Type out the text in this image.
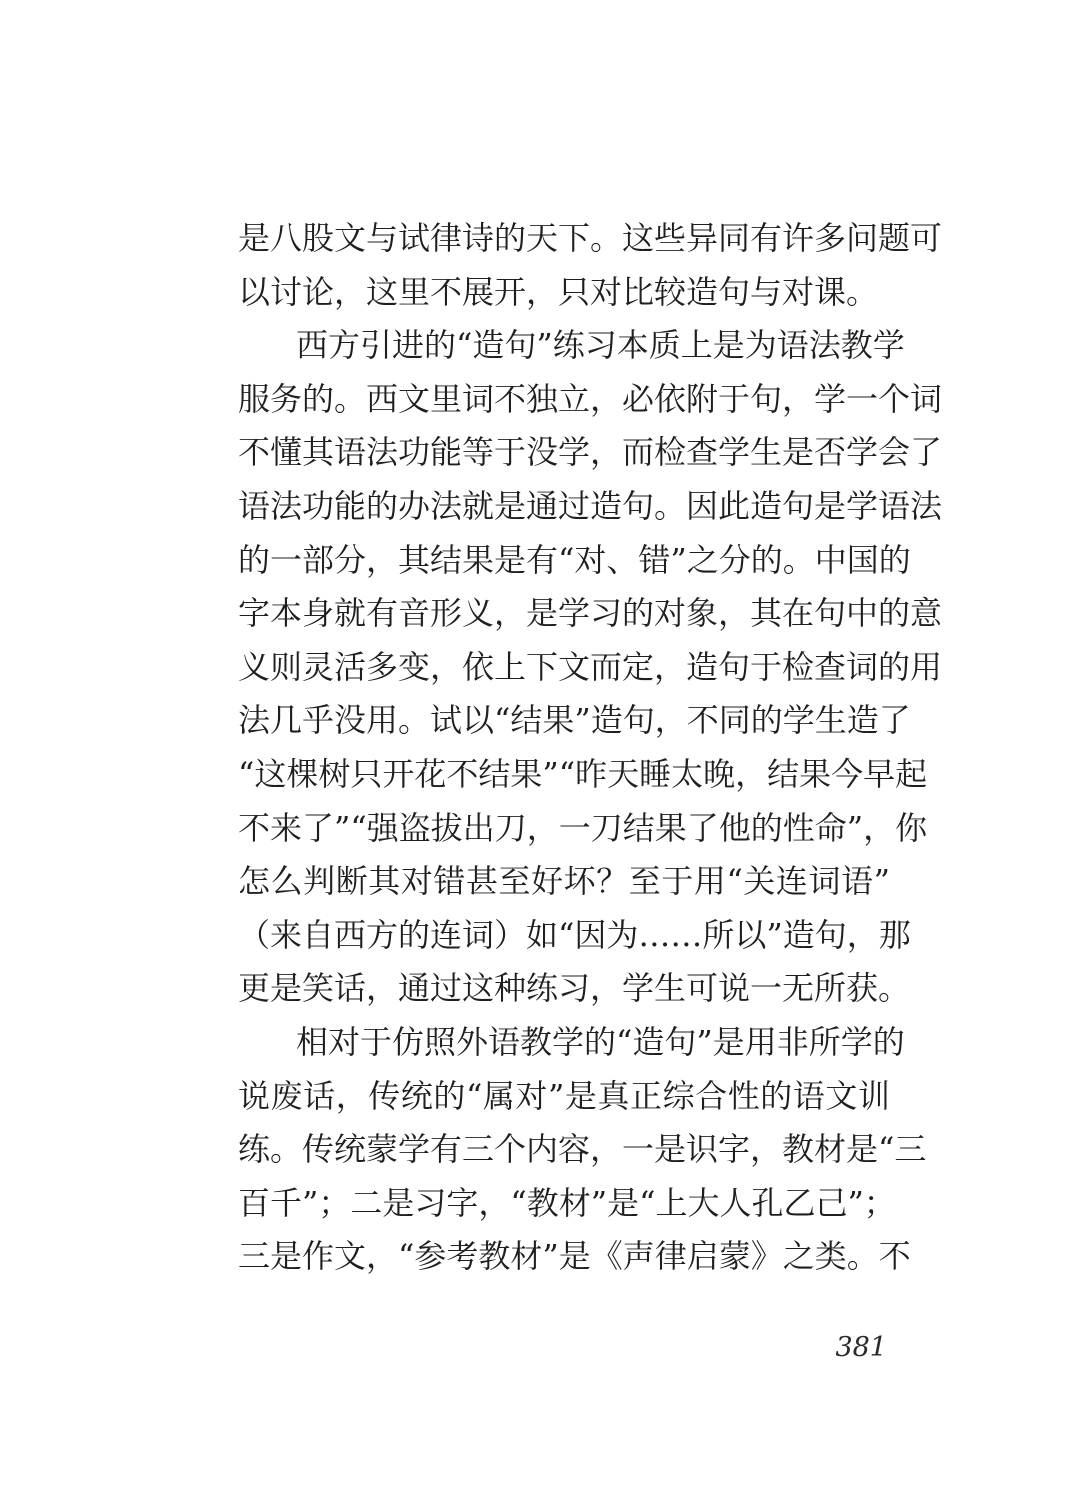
是八股文与试律诗的天下。这些异同有许多问题可
以讨论，这里不展开，只对比较造句与对课。
西方引进的“造句”练习本质上是为语法教学
服务的。西文里词不独立，必依附于句，学一个词
不懂其语法功能等于没学，而检查学生是否学会了
语法功能的办法就是通过造句。因此造句是学语法
的一部分，其结果是有“对、错”之分的。中国的
字本身就有音形义，是学习的对象，其在句中的意
义则灵活多变，依上下文而定，造句于检查词的用
法几乎没用。试以“结果”造句，不同的学生造了
“这棵树只开花不结果”“昨天睡太晚，结果今早起
不来了”“强盗拔出刀，一刀结果了他的性命”，你
怎么判断其对错甚至好坏？至于用“关连词语”
（来自西方的连词）如“因为……所以”造句，那
更是笑话，通过这种练习，学生可说一无所获。
相对于仿照外语教学的“造句”是用非所学的
说废话，传统的“属对”是真正综合性的语文训
练。传统蒙学有三个内容，一是识字，教材是“三
百千”；二是习字，“教材”是“上大人孔乙己”；
三是作文，“参考教材”是《声律启蒙》之类。不
381
